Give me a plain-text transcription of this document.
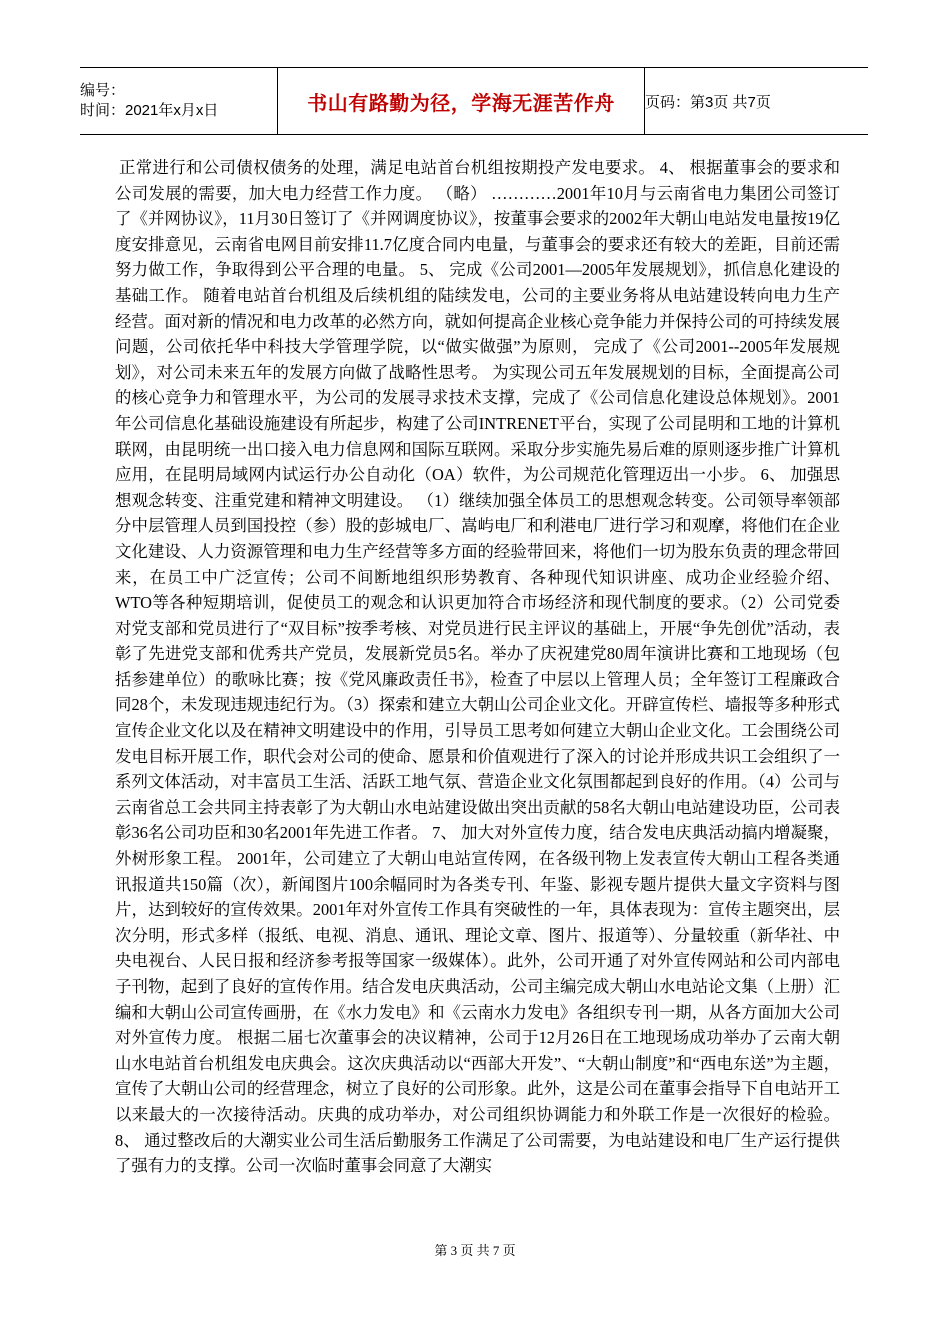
编号：
时间：2021年x月x日	书山有路勤为径，学海无涯苦作舟	页码：第3页 共7页
正常进行和公司债权债务的处理，满足电站首台机组按期投产发电要求。 4、 根据董事会的要求和公司发展的需要，加大电力经营工作力度。 （略） …………2001年10月与云南省电力集团公司签订了《并网协议》，11月30日签订了《并网调度协议》，按董事会要求的2002年大朝山电站发电量按19亿度安排意见，云南省电网目前安排11.7亿度合同内电量，与董事会的要求还有较大的差距，目前还需努力做工作，争取得到公平合理的电量。 5、 完成《公司2001—2005年发展规划》，抓信息化建设的基础工作。 随着电站首台机组及后续机组的陆续发电，公司的主要业务将从电站建设转向电力生产经营。面对新的情况和电力改革的必然方向，就如何提高企业核心竞争能力并保持公司的可持续发展问题，公司依托华中科技大学管理学院，以“做实做强”为原则， 完成了《公司2001--2005年发展规划》，对公司未来五年的发展方向做了战略性思考。 为实现公司五年发展规划的目标，全面提高公司的核心竞争力和管理水平，为公司的发展寻求技术支撑，完成了《公司信息化建设总体规划》。2001年公司信息化基础设施建设有所起步，构建了公司INTRENET平台，实现了公司昆明和工地的计算机联网，由昆明统一出口接入电力信息网和国际互联网。采取分步实施先易后难的原则逐步推广计算机应用，在昆明局域网内试运行办公自动化（OA）软件，为公司规范化管理迈出一小步。 6、 加强思想观念转变、注重党建和精神文明建设。 （1）继续加强全体员工的思想观念转变。公司领导率领部分中层管理人员到国投控（参）股的彭城电厂、嵩屿电厂和利港电厂进行学习和观摩，将他们在企业文化建设、人力资源管理和电力生产经营等多方面的经验带回来，将他们一切为股东负责的理念带回来，在员工中广泛宣传；公司不间断地组织形势教育、各种现代知识讲座、成功企业经验介绍、WTO等各种短期培训，促使员工的观念和认识更加符合市场经济和现代制度的要求。（2）公司党委对党支部和党员进行了“双目标”按季考核、对党员进行民主评议的基础上，开展“争先创优”活动，表彰了先进党支部和优秀共产党员，发展新党员5名。举办了庆祝建党80周年演讲比赛和工地现场（包括参建单位）的歌咏比赛；按《党风廉政责任书》，检查了中层以上管理人员；全年签订工程廉政合同28个，未发现违规违纪行为。（3）探索和建立大朝山公司企业文化。开辟宣传栏、墙报等多种形式宣传企业文化以及在精神文明建设中的作用，引导员工思考如何建立大朝山企业文化。工会围绕公司发电目标开展工作，职代会对公司的使命、愿景和价值观进行了深入的讨论并形成共识工会组织了一系列文体活动，对丰富员工生活、活跃工地气氛、营造企业文化氛围都起到良好的作用。（4）公司与云南省总工会共同主持表彰了为大朝山水电站建设做出突出贡献的58名大朝山电站建设功臣，公司表彰36名公司功臣和30名2001年先进工作者。 7、 加大对外宣传力度，结合发电庆典活动搞内增凝聚，外树形象工程。 2001年，公司建立了大朝山电站宣传网，在各级刊物上发表宣传大朝山工程各类通讯报道共150篇（次），新闻图片100余幅同时为各类专刊、年鉴、影视专题片提供大量文字资料与图片，达到较好的宣传效果。2001年对外宣传工作具有突破性的一年，具体表现为：宣传主题突出，层次分明，形式多样（报纸、电视、消息、通讯、理论文章、图片、报道等）、分量较重（新华社、中央电视台、人民日报和经济参考报等国家一级媒体）。此外，公司开通了对外宣传网站和公司内部电子刊物，起到了良好的宣传作用。结合发电庆典活动，公司主编完成大朝山水电站论文集（上册）汇编和大朝山公司宣传画册，在《水力发电》和《云南水力发电》各组织专刊一期，从各方面加大公司对外宣传力度。 根据二届七次董事会的决议精神，公司于12月26日在工地现场成功举办了云南大朝山水电站首台机组发电庆典会。这次庆典活动以“西部大开发”、“大朝山制度”和“西电东送”为主题，宣传了大朝山公司的经营理念，树立了良好的公司形象。此外，这是公司在董事会指导下自电站开工以来最大的一次接待活动。庆典的成功举办，对公司组织协调能力和外联工作是一次很好的检验。 8、 通过整改后的大潮实业公司生活后勤服务工作满足了公司需要，为电站建设和电厂生产运行提供了强有力的支撑。公司一次临时董事会同意了大潮实
第 3 页 共 7 页
